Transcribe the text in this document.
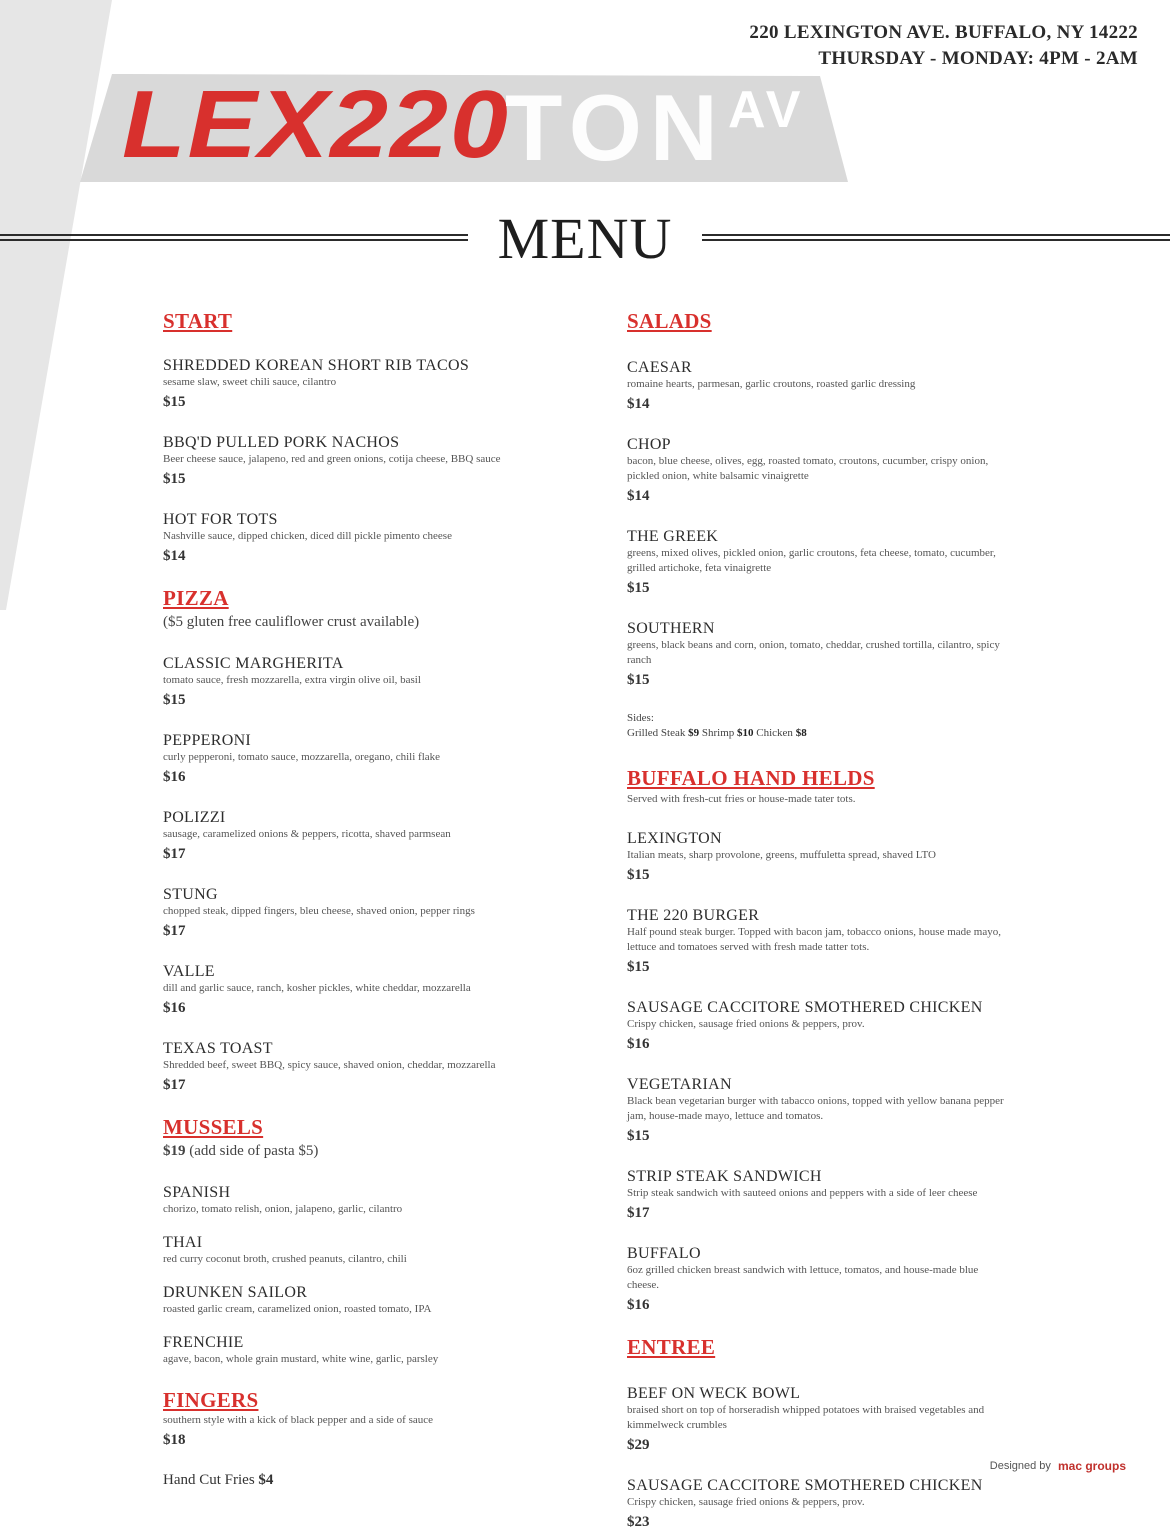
220 LEXINGTON AVE. BUFFALO, NY 14222
THURSDAY - MONDAY: 4PM - 2AM
LEX220
TON AV
MENU
START
SHREDDED KOREAN SHORT RIB TACOS
sesame slaw, sweet chili sauce, cilantro
$15
BBQ'D PULLED PORK NACHOS
Beer cheese sauce, jalapeno, red and green onions, cotija cheese, BBQ sauce
$15
HOT FOR TOTS
Nashville sauce, dipped chicken, diced dill pickle pimento cheese
$14
PIZZA
($5 gluten free cauliflower crust available)
CLASSIC MARGHERITA
tomato sauce, fresh mozzarella, extra virgin olive oil, basil
$15
PEPPERONI
curly pepperoni, tomato sauce, mozzarella, oregano, chili flake
$16
POLIZZI
sausage, caramelized onions & peppers, ricotta, shaved parmsean
$17
STUNG
chopped steak, dipped fingers, bleu cheese, shaved onion, pepper rings
$17
VALLE
dill and garlic sauce, ranch, kosher pickles, white cheddar, mozzarella
$16
TEXAS TOAST
Shredded beef, sweet BBQ, spicy sauce, shaved onion, cheddar, mozzarella
$17
MUSSELS
$19 (add side of pasta $5)
SPANISH
chorizo, tomato relish, onion, jalapeno, garlic, cilantro
THAI
red curry coconut broth, crushed peanuts, cilantro, chili
DRUNKEN SAILOR
roasted garlic cream, caramelized onion, roasted tomato, IPA
FRENCHIE
agave, bacon, whole grain mustard, white wine, garlic, parsley
FINGERS
southern style with a kick of black pepper and a side of sauce
$18
Hand Cut Fries $4
SALADS
CAESAR
romaine hearts, parmesan, garlic croutons, roasted garlic dressing
$14
CHOP
bacon, blue cheese, olives, egg, roasted tomato, croutons, cucumber, crispy onion, pickled onion, white balsamic vinaigrette
$14
THE GREEK
greens, mixed olives, pickled onion, garlic croutons, feta cheese, tomato, cucumber, grilled artichoke, feta vinaigrette
$15
SOUTHERN
greens, black beans and corn, onion, tomato, cheddar, crushed tortilla, cilantro, spicy ranch
$15
Sides:
Grilled Steak $9 Shrimp $10 Chicken $8
BUFFALO HAND HELDS
Served with fresh-cut fries or house-made tater tots.
LEXINGTON
Italian meats, sharp provolone, greens, muffuletta spread, shaved LTO
$15
THE 220 BURGER
Half pound steak burger. Topped with bacon jam, tobacco onions, house made mayo, lettuce and tomatoes served with fresh made tatter tots.
$15
SAUSAGE CACCITORE SMOTHERED CHICKEN
Crispy chicken, sausage fried onions & peppers, prov.
$16
VEGETARIAN
Black bean vegetarian burger with tabacco onions, topped with yellow banana pepper jam, house-made mayo, lettuce and tomatos.
$15
STRIP STEAK SANDWICH
Strip steak sandwich with sauteed onions and peppers with a side of leer cheese
$17
BUFFALO
6oz grilled chicken breast sandwich with lettuce, tomatos, and house-made blue cheese.
$16
ENTREE
BEEF ON WECK BOWL
braised short on top of horseradish whipped potatoes with braised vegetables and kimmelweck crumbles
$29
SAUSAGE CACCITORE SMOTHERED CHICKEN
Crispy chicken, sausage fried onions & peppers, prov.
$23
Designed by mac groups
